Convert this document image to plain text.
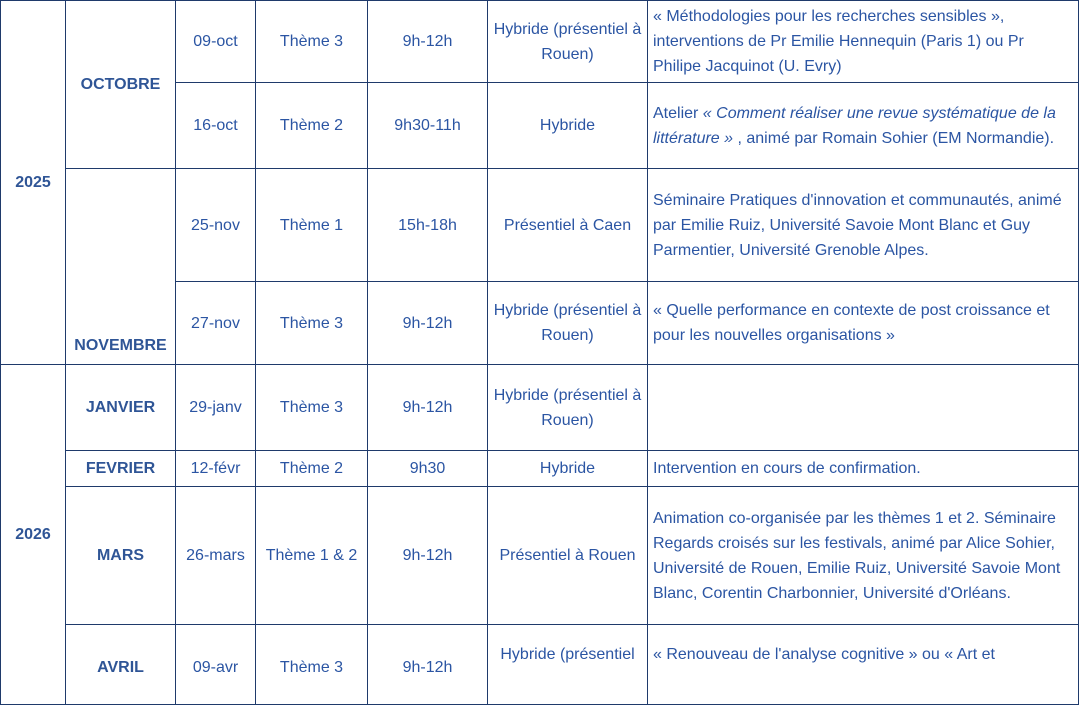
2025	OCTOBRE	09-oct	Thème 3	9h-12h	Hybride (présentiel à Rouen)	« Méthodologies pour les recherches sensibles », interventions de Pr Emilie Hennequin (Paris 1) ou Pr Philipe Jacquinot (U. Evry)
		16-oct	Thème 2	9h30-11h	Hybride	Atelier « Comment réaliser une revue systématique de la littérature » , animé par Romain Sohier (EM Normandie).
	NOVEMBRE	25-nov	Thème 1	15h-18h	Présentiel à Caen	Séminaire Pratiques d'innovation et communautés, animé par Emilie Ruiz, Université Savoie Mont Blanc et Guy Parmentier, Université Grenoble Alpes.
		27-nov	Thème 3	9h-12h	Hybride (présentiel à Rouen)	« Quelle performance en contexte de post croissance et pour les nouvelles organisations »
2026	JANVIER	29-janv	Thème 3	9h-12h	Hybride (présentiel à Rouen)	
	FEVRIER	12-févr	Thème 2	9h30	Hybride	Intervention en cours de confirmation.
	MARS	26-mars	Thème 1 & 2	9h-12h	Présentiel à Rouen	Animation co-organisée par les thèmes 1 et 2. Séminaire Regards croisés sur les festivals, animé par Alice Sohier, Université de Rouen, Emilie Ruiz, Université Savoie Mont Blanc, Corentin Charbonnier, Université d'Orléans.
	AVRIL	09-avr	Thème 3	9h-12h	Hybride (présentiel	« Renouveau de l'analyse cognitive » ou « Art et
